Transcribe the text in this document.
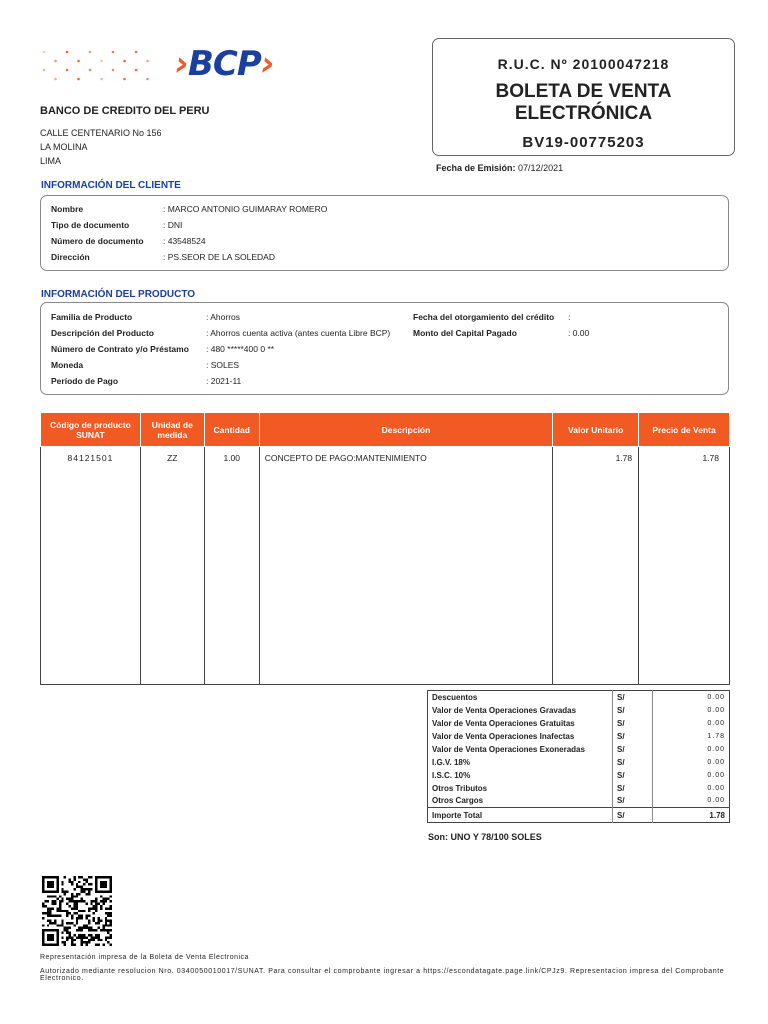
›BCP›
BANCO DE CREDITO DEL PERU
CALLE CENTENARIO No 156
LA MOLINA
LIMA
R.U.C. Nº 20100047218
BOLETA DE VENTA ELECTRÓNICA
BV19-00775203
Fecha de Emisión: 07/12/2021
INFORMACIÓN DEL CLIENTE
Nombre	: MARCO ANTONIO GUIMARAY ROMERO
Tipo de documento	: DNI
Número de documento : 43548524
Dirección	: PS.SEOR DE LA SOLEDAD
INFORMACIÓN DEL PRODUCTO
Familia de Producto	: Ahorros
Descripción del Producto	: Ahorros cuenta activa (antes cuenta Libre BCP)
Número de Contrato y/o Préstamo : 480 *****400 0 **
Moneda	: SOLES
Período de Pago	: 2021-11
Fecha del otorgamiento del crédito :
Monto del Capital Pagado	: 0.00
Código de producto SUNAT	Unidad de medida	Cantidad	Descripción	Valor Unitario	Precio de Venta
84121501	ZZ	1.00	CONCEPTO DE PAGO:MANTENIMIENTO	1.78	1.78
Descuentos	S/	0.00
Valor de Venta Operaciones Gravadas	S/	0.00
Valor de Venta Operaciones Gratuitas	S/	0.00
Valor de Venta Operaciones Inafectas	S/	1.78
Valor de Venta Operaciones Exoneradas	S/	0.00
I.G.V. 18%	S/	0.00
I.S.C. 10%	S/	0.00
Otros Tributos	S/	0.00
Otros Cargos	S/	0.00
Importe Total	S/	1.78
Son: UNO Y 78/100 SOLES
Representación impresa de la Boleta de Venta Electronica
Autorizado mediante resolucion Nro. 0340050010017/SUNAT. Para consultar el comprobante ingresar a https://escondatagate.page.link/CPJz9. Representacion impresa del Comprobante Electronico.
